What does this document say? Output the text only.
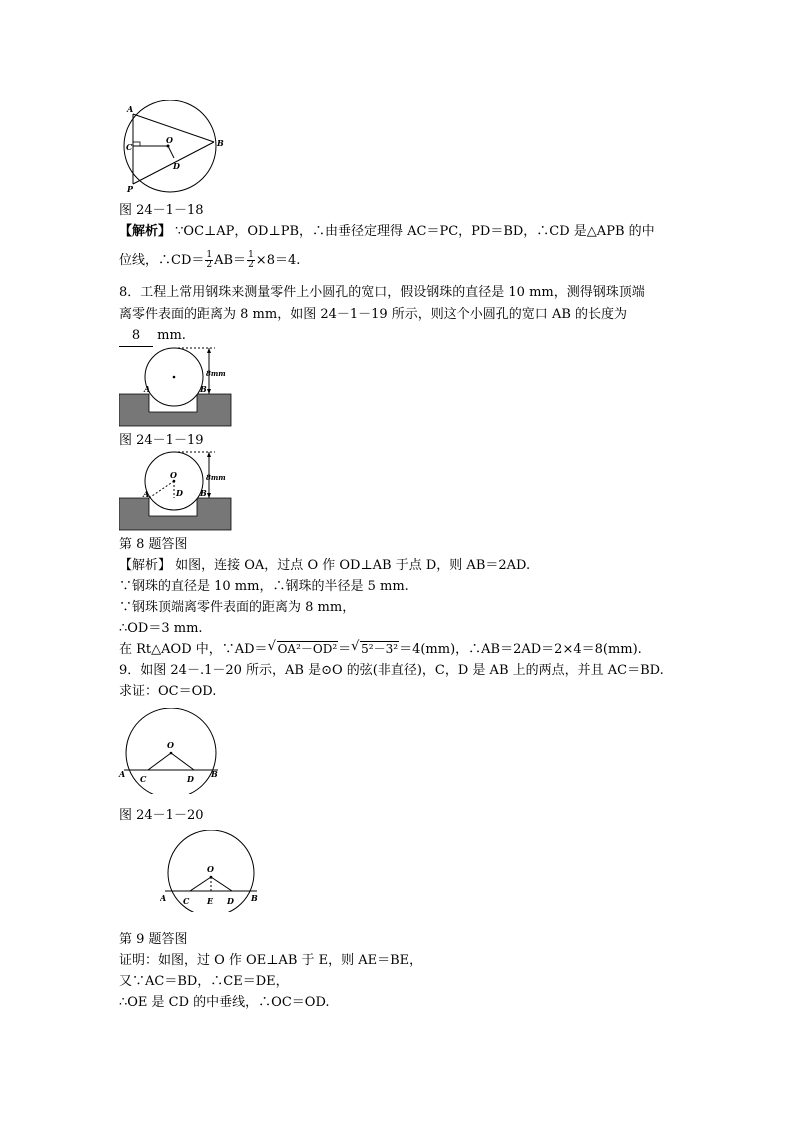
A
B
C
O
D
P
图 24－1－18
【解析】 ∵OC⊥AP，OD⊥PB，∴由垂径定理得 AC＝PC，PD＝BD，∴CD 是△APB 的中
位线，∴CD＝ $\frac{1}{2} AB= \frac{1}{2} \times 8=4$.
8．工程上常用钢珠来测量零件上小圆孔的宽口，假设钢珠的直径是 10 mm，测得钢珠顶端
离零件表面的距离为 8 mm，如图 24－1－19 所示，则这个小圆孔的宽口 AB 的长度为
8 mm.
A	B
8mm
图 24－1－19
O
A	D B
8mm
第 8 题答图
【解析】 如图，连接 OA，过点 O 作 OD⊥AB 于点 D，则 AB＝2AD.
∵钢珠的直径是 10 mm，∴钢珠的半径是 5 mm.
∵钢珠顶端离零件表面的距离为 8 mm，
∴OD＝3 mm.
在 Rt△AOD 中，∵AD＝ √ OA²－OD²＝ √ 5²－3²＝4(mm)，∴AB＝2AD＝2×4＝8(mm).
9．如图 24－.1－20 所示，AB 是⊙O 的弦(非直径)，C，D 是 AB 上的两点，并且 AC＝BD.
求证：OC＝OD.
O
A C	D B
图 24－1－20
O
A C E D B
第 9 题答图
证明：如图，过 O 作 OE⊥AB 于 E，则 AE＝BE，
又∵AC＝BD，∴CE＝DE，
∴OE 是 CD 的中垂线，∴OC＝OD.
